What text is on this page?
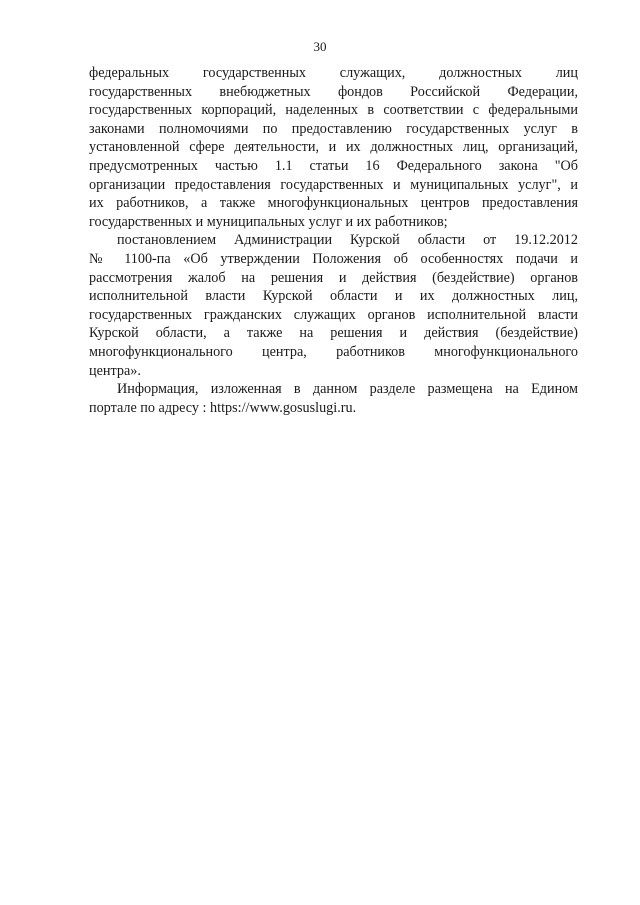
30
федеральных государственных служащих, должностных лиц
государственных внебюджетных фондов Российской Федерации,
государственных корпораций, наделенных в соответствии с федеральными
законами полномочиями по предоставлению государственных услуг в
установленной сфере деятельности, и их должностных лиц, организаций,
предусмотренных частью 1.1 статьи 16 Федерального закона "Об
организации предоставления государственных и муниципальных услуг", и
их работников, а также многофункциональных центров предоставления
государственных и муниципальных услуг и их работников;
постановлением Администрации Курской области от 19.12.2012
№ 1100-па «Об утверждении Положения об особенностях подачи и
рассмотрения жалоб на решения и действия (бездействие) органов
исполнительной власти Курской области и их должностных лиц,
государственных гражданских служащих органов исполнительной власти
Курской области, а также на решения и действия (бездействие)
многофункционального центра, работников многофункционального
центра».
Информация, изложенная в данном разделе размещена на Едином
портале по адресу : https://www.gosuslugi.ru.
